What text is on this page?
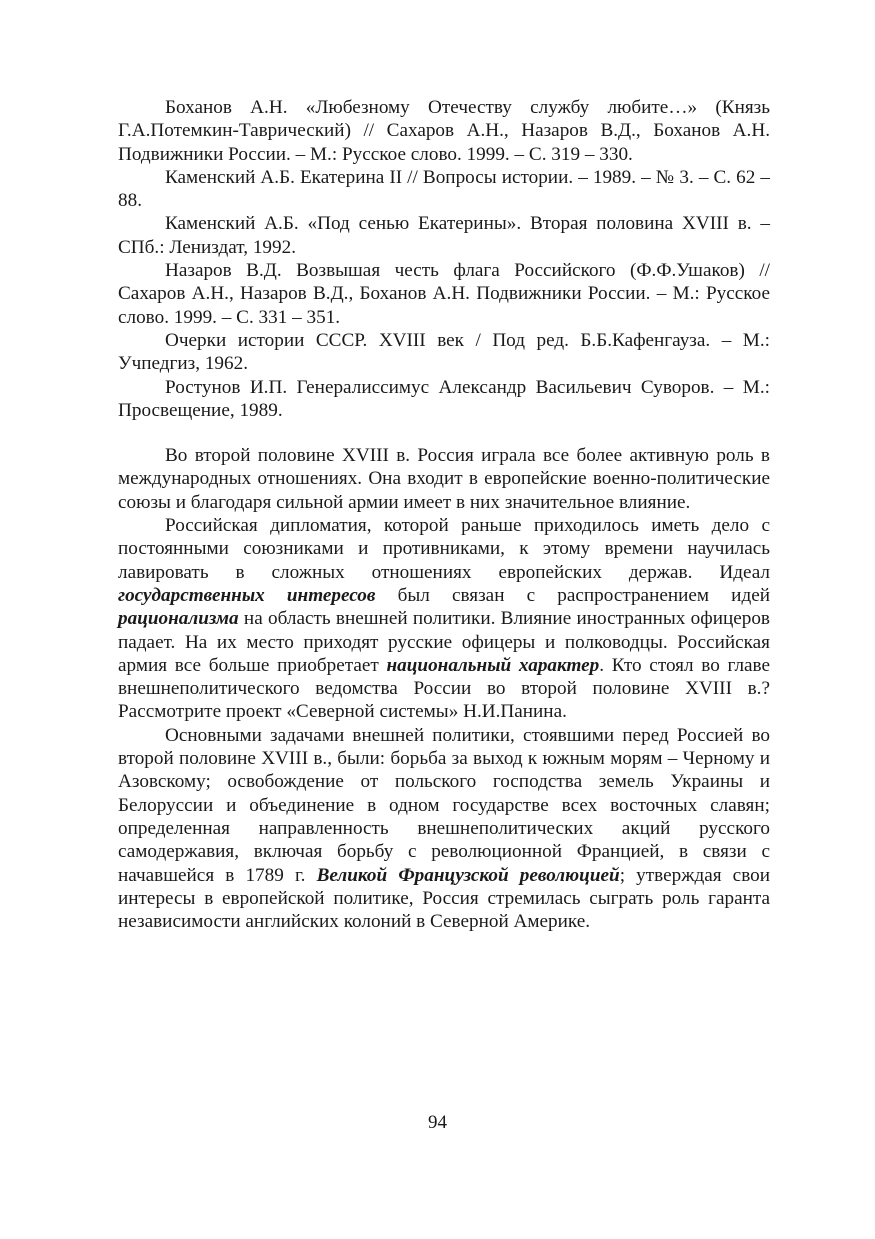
Боханов А.Н. «Любезному Отечеству службу любите…» (Князь Г.А.Потемкин-Таврический) // Сахаров А.Н., Назаров В.Д., Боханов А.Н. Подвижники России. – М.: Русское слово. 1999. – С. 319 – 330.

Каменский А.Б. Екатерина II // Вопросы истории. – 1989. – № 3. – С. 62 – 88.

Каменский А.Б. «Под сенью Екатерины». Вторая половина XVIII в. – СПб.: Лениздат, 1992.

Назаров В.Д. Возвышая честь флага Российского (Ф.Ф.Ушаков) // Сахаров А.Н., Назаров В.Д., Боханов А.Н. Подвижники России. – М.: Русское слово. 1999. – С. 331 – 351.

Очерки истории СССР. XVIII век / Под ред. Б.Б.Кафенгауза. – М.: Учпедгиз, 1962.

Ростунов И.П. Генералиссимус Александр Васильевич Суворов. – М.: Просвещение, 1989.

Во второй половине XVIII в. Россия играла все более активную роль в международных отношениях. Она входит в европейские военно-политические союзы и благодаря сильной армии имеет в них значительное влияние.

Российская дипломатия, которой раньше приходилось иметь дело с постоянными союзниками и противниками, к этому времени научилась лавировать в сложных отношениях европейских держав. Идеал государственных интересов был связан с распространением идей рационализма на область внешней политики. Влияние иностранных офицеров падает. На их место приходят русские офицеры и полководцы. Российская армия все больше приобретает национальный характер. Кто стоял во главе внешнеполитического ведомства России во второй половине XVIII в.? Рассмотрите проект «Северной системы» Н.И.Панина.

Основными задачами внешней политики, стоявшими перед Россией во второй половине XVIII в., были: борьба за выход к южным морям – Черному и Азовскому; освобождение от польского господства земель Украины и Белоруссии и объединение в одном государстве всех восточных славян; определенная направленность внешнеполитических акций русского самодержавия, включая борьбу с революционной Францией, в связи с начавшейся в 1789 г. Великой Французской революцией; утверждая свои интересы в европейской политике, Россия стремилась сыграть роль гаранта независимости английских колоний в Северной Америке.

94
